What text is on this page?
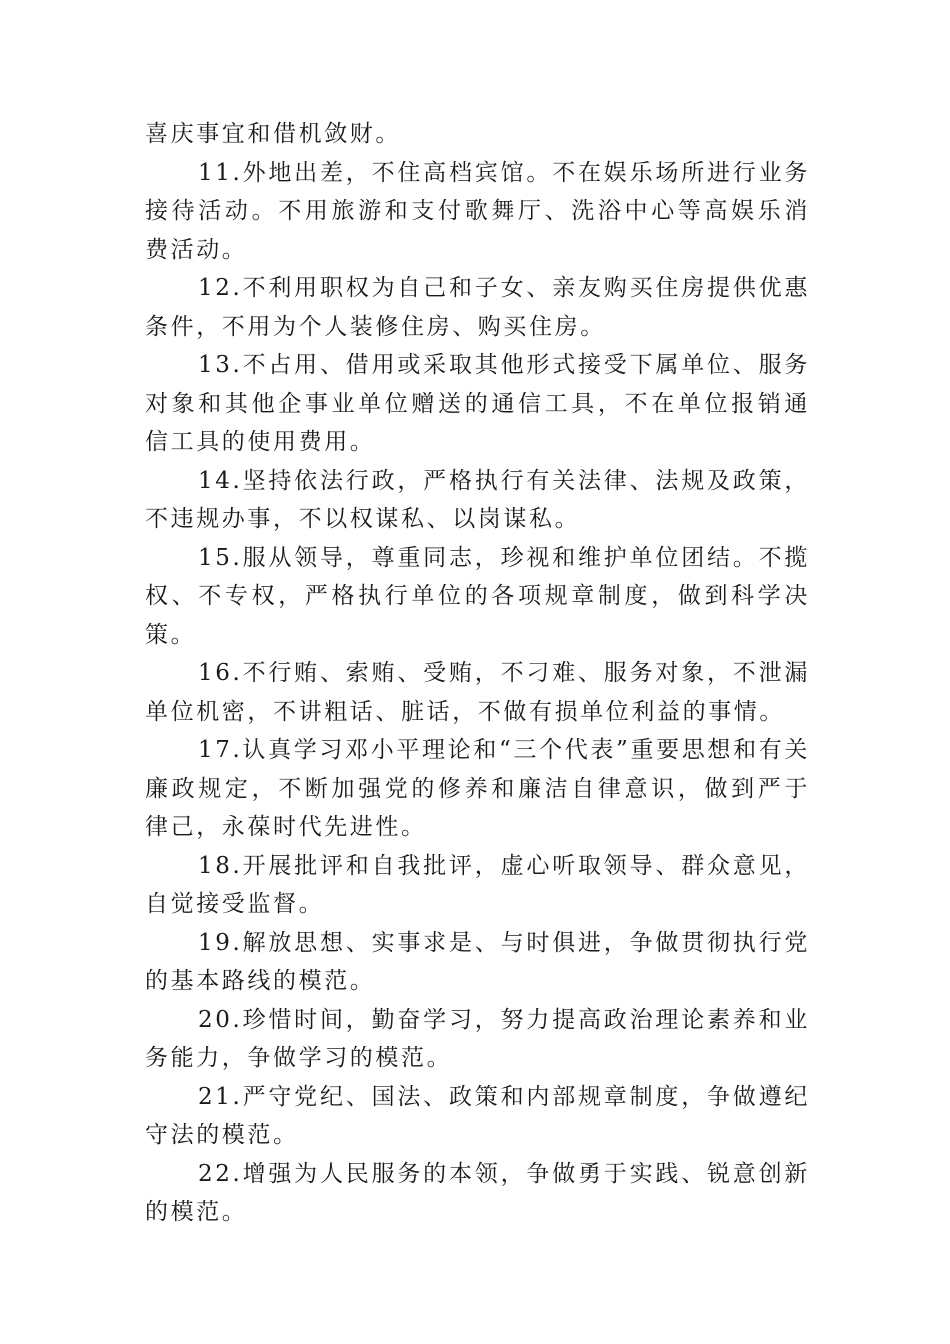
喜庆事宜和借机敛财。

11.外地出差，不住高档宾馆。不在娱乐场所进行业务接待活动。不用旅游和支付歌舞厅、洗浴中心等高娱乐消费活动。

12.不利用职权为自己和子女、亲友购买住房提供优惠条件，不用为个人装修住房、购买住房。

13.不占用、借用或采取其他形式接受下属单位、服务对象和其他企事业单位赠送的通信工具，不在单位报销通信工具的使用费用。

14.坚持依法行政，严格执行有关法律、法规及政策，不违规办事，不以权谋私、以岗谋私。

15.服从领导，尊重同志，珍视和维护单位团结。不揽权、不专权，严格执行单位的各项规章制度，做到科学决策。

16.不行贿、索贿、受贿，不刁难、服务对象，不泄漏单位机密，不讲粗话、脏话，不做有损单位利益的事情。

17.认真学习邓小平理论和“三个代表”重要思想和有关廉政规定，不断加强党的修养和廉洁自律意识，做到严于律己，永葆时代先进性。

18.开展批评和自我批评，虚心听取领导、群众意见，自觉接受监督。

19.解放思想、实事求是、与时俱进，争做贯彻执行党的基本路线的模范。

20.珍惜时间，勤奋学习，努力提高政治理论素养和业务能力，争做学习的模范。

21.严守党纪、国法、政策和内部规章制度，争做遵纪守法的模范。

22.增强为人民服务的本领，争做勇于实践、锐意创新的模范。
